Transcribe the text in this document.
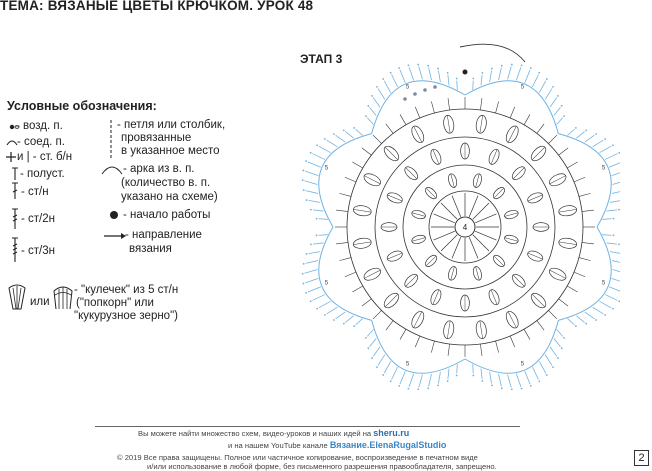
ТЕМА: ВЯЗАНЫЕ ЦВЕТЫ КРЮЧКОМ. УРОК 48
ЭТАП 3
Условные обозначения:
- возд. п.
- соед. п.
и | - ст. б/н
- полуст.
- ст/н
- ст/2н
- ст/3н
или
- "кулечек" из 5 ст/н
("попкорн" или
"кукурузное зерно")
- петля или столбик,
провязанные
в указанное место
- арка из в. п.
(количество в. п.
указано на схеме)
- начало работы
- направление
вязания
5
5
5
5
5
5	5
5
4
Вы можете найти множество схем, видео-уроков и наших идей на sheru.ru
и на нашем YouTube канале Вязание.ElenaRugalStudio
© 2019 Все права защищены. Полное или частичное копирование, воспроизведение в печатном виде
и/или использование в любой форме, без письменного разрешения правообладателя, запрещено.
2
